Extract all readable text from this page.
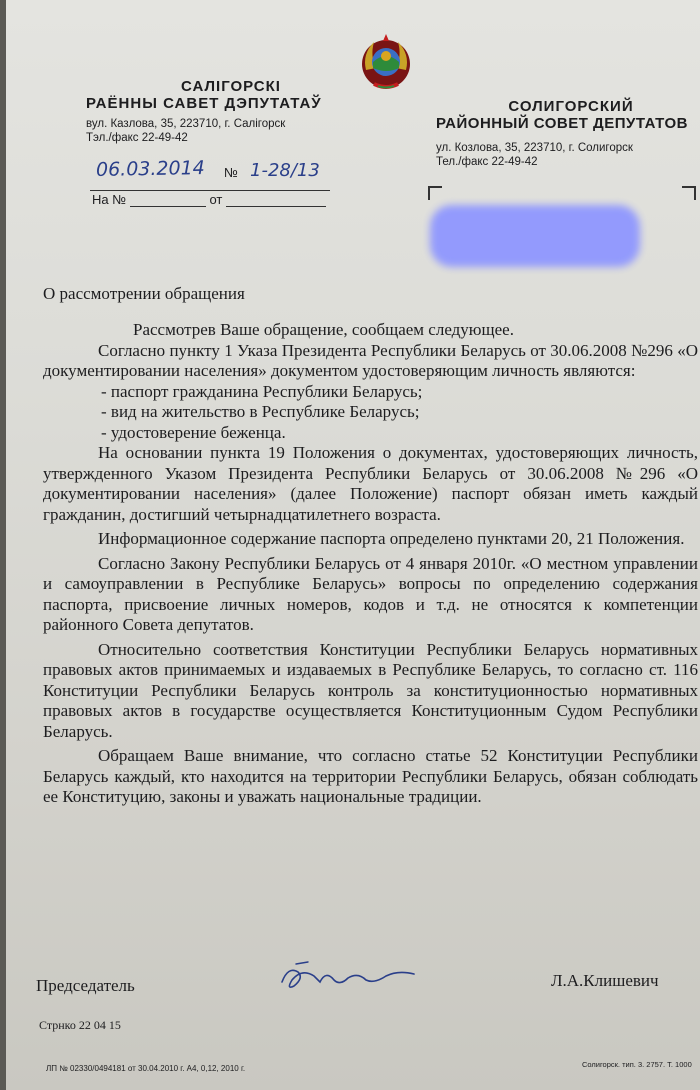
САЛІГОРСКІ
РАЁННЫ САВЕТ ДЭПУТАТАЎ
вул. Казлова, 35, 223710, г. Салігорск
Тэл./факс 22-49-42
СОЛИГОРСКИЙ
РАЙОННЫЙ СОВЕТ ДЕПУТАТОВ
ул. Козлова, 35, 223710, г. Солигорск
Тел./факс 22-49-42
06.03.2014 № 1-28/13
На №	от
О рассмотрении обращения

Рассмотрев Ваше обращение, сообщаем следующее.

Согласно пункту 1 Указа Президента Республики Беларусь от 30.06.2008 №296 «О документировании населения» документом удостоверяющим личность являются:

- паспорт гражданина Республики Беларусь;

- вид на жительство в Республике Беларусь;

- удостоверение беженца.

На основании пункта 19 Положения о документах, удостоверяющих личность, утвержденного Указом Президента Республики Беларусь от 30.06.2008 №296 «О документировании населения» (далее Положение) паспорт обязан иметь каждый гражданин, достигший четырнадцатилетнего возраста.

Информационное содержание паспорта определено пунктами 20, 21 Положения.

Согласно Закону Республики Беларусь от 4 января 2010г. «О местном управлении и самоуправлении в Республике Беларусь» вопросы по определению содержания паспорта, присвоение личных номеров, кодов и т.д. не относятся к компетенции районного Совета депутатов.

Относительно соответствия Конституции Республики Беларусь нормативных правовых актов принимаемых и издаваемых в Республике Беларусь, то согласно ст. 116 Конституции Республики Беларусь контроль за конституционностью нормативных правовых актов в государстве осуществляется Конституционным Судом Республики Беларусь.

Обращаем Ваше внимание, что согласно статье 52 Конституции Республики Беларусь каждый, кто находится на территории Республики Беларусь, обязан соблюдать ее Конституцию, законы и уважать национальные традиции.

Председатель	Л.А.Клишевич
Стрнко 22 04 15
ЛП № 02330/0494181 от 30.04.2010 г. А4, 0,12, 2010 г.	Солигорск. тип. 3. 2757. Т. 1000
